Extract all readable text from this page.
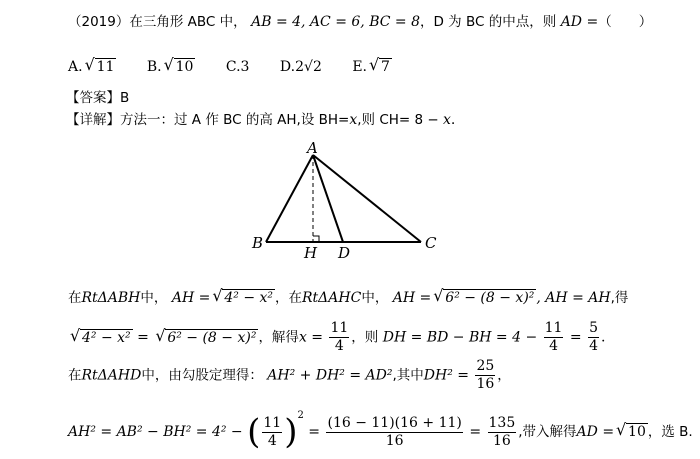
（2019）在三角形 ABC 中， AB = 4, AC = 6, BC = 8，D 为 BC 的中点，则 AD =（　　）
A. √ 11 B. √ 10 C.3 D.2√2 E. √ 7
【答案】B
【详解】方法一：过 A 作 BC 的高 AH,设 BH=x,则 CH= 8 − x.
A
B	C
D
H
在RtΔABH中， AH = √ 4² − x² ，在RtΔAHC中， AH = √ 6² − (8 − x)² , AH = AH,得
√ 4² − x² = √ 6² − (8 − x)² ，解得$x = \frac{11}{4}$ ，则 DH = BD − BH = $4 - \frac{11}{4} = \frac{5}{4}$ .
在RtΔAHD中，由勾股定理得： AH² + DH² = AD²,其中$DH^2 = \frac{25}{16}$ ，
AH² = AB² − BH² = 4² − ( $\frac{11}{4} )^2 = \frac{(16 - 11)(16 + 11)}{16} = \frac{135}{16}$ ,带入解得AD = √ 10 ，选 B.
